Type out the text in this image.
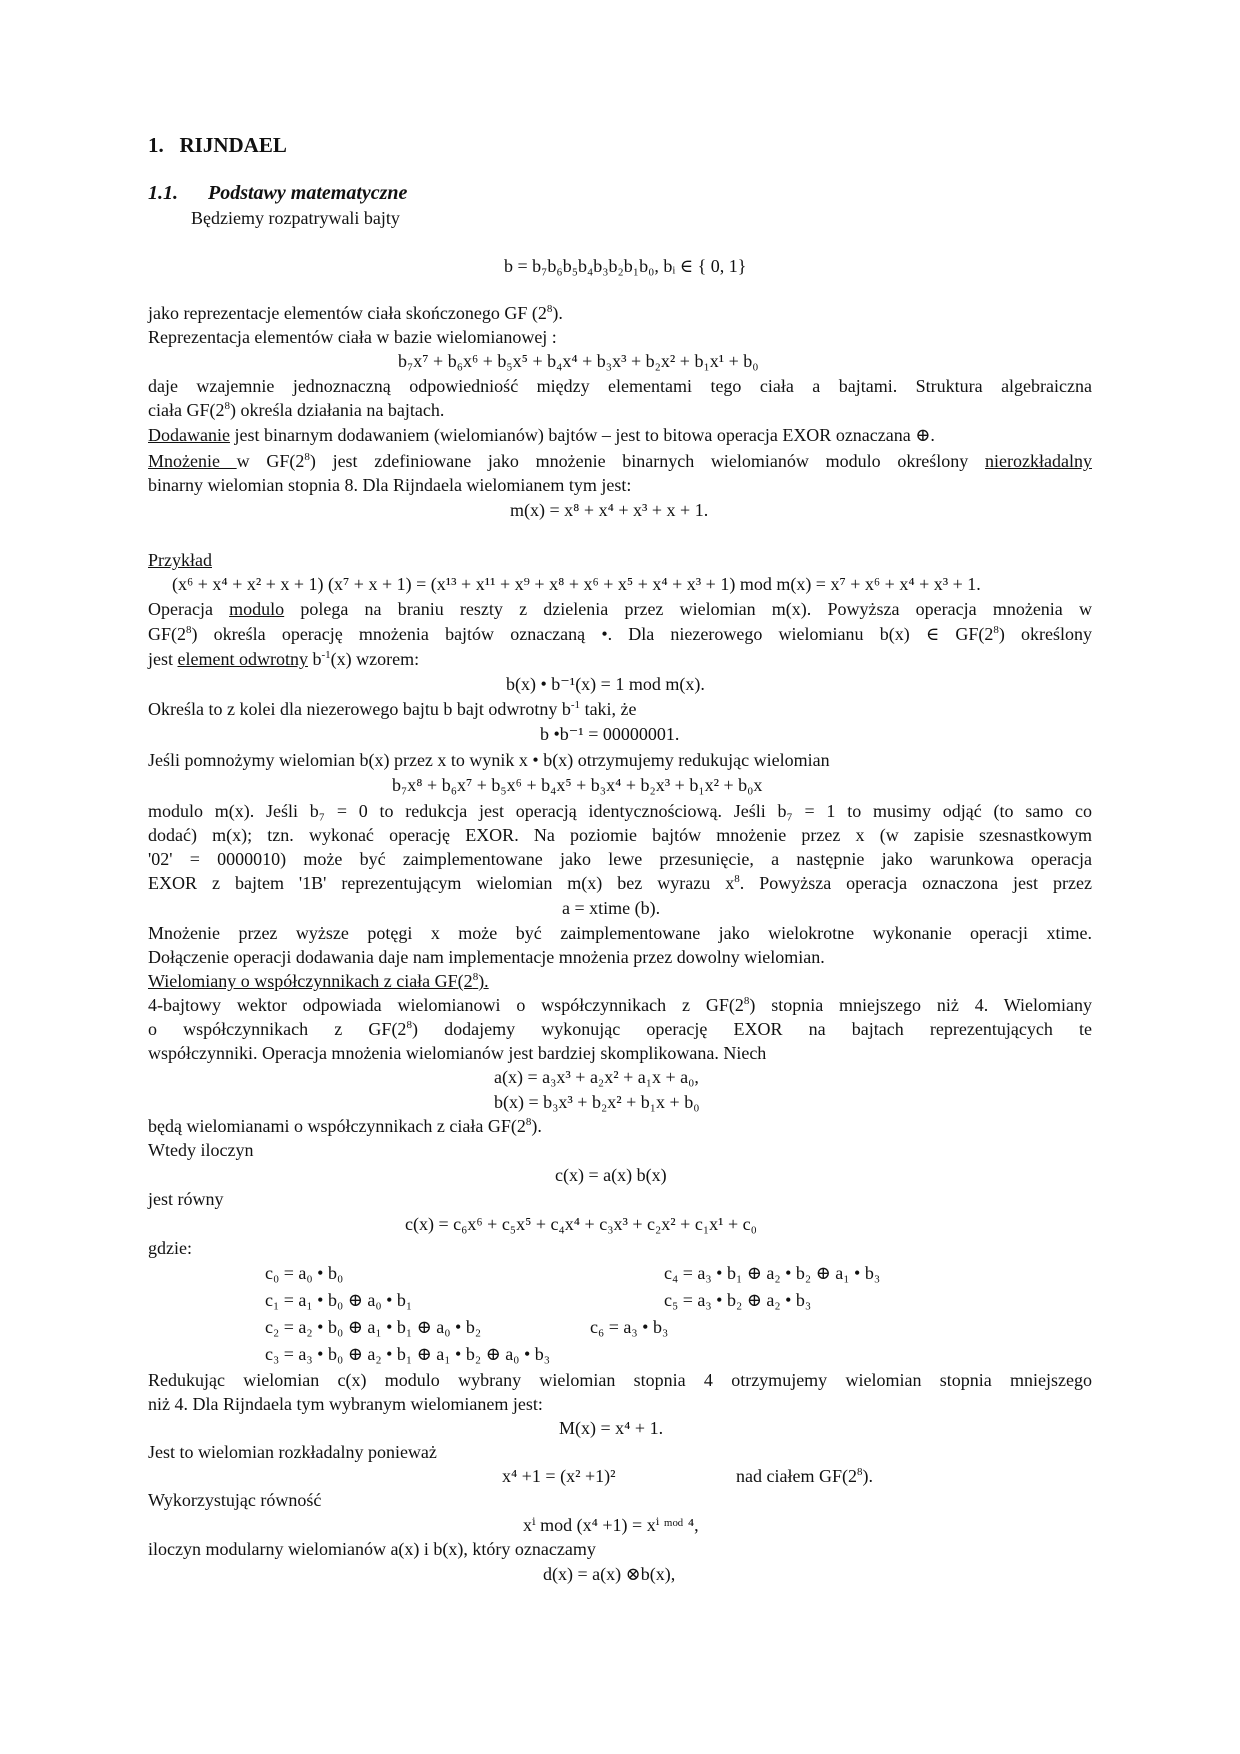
1. RIJNDAEL
1.1. Podstawy matematyczne
Będziemy rozpatrywali bajty
b = b₇b₆b₅b₄b₃b₂b₁b₀, bᵢ ∈ { 0, 1}
jako reprezentacje elementów ciała skończonego GF $(2^8)$.
Reprezentacja elementów ciała w bazie wielomianowej :
b₇x⁷ + b₆x⁶ + b₅x⁵ + b₄x⁴ + b₃x³ + b₂x² + b₁x¹ + b₀
daje wzajemnie jednoznaczną odpowiedniość między elementami tego ciała a bajtami. Struktura algebraiczna
ciała $GF(2^8)$ określa działania na bajtach.
Dodawanie jest binarnym dodawaniem (wielomianów) bajtów – jest to bitowa operacja EXOR oznaczana ⊕.
Mnożenie w $GF(2^8)$ jest zdefiniowane jako mnożenie binarnych wielomianów modulo określony nierozkładalny
binarny wielomian stopnia 8. Dla Rijndaela wielomianem tym jest:
m(x) = x⁸ + x⁴ + x³ + x + 1.
Przykład
(x⁶ + x⁴ + x² + x + 1) (x⁷ + x + 1) = (x¹³ + x¹¹ + x⁹ + x⁸ + x⁶ + x⁵ + x⁴ + x³ + 1) mod m(x) = x⁷ + x⁶ + x⁴ + x³ + 1.
Operacja modulo polega na braniu reszty z dzielenia przez wielomian m(x). Powyższa operacja mnożenia w
$GF(2^8)$ określa operację mnożenia bajtów oznaczaną •. Dla niezerowego wielomianu b(x) ∈ $GF(2^8)$ określony
jest element odwrotny $b^{-1}(x)$ wzorem:
b(x) • b⁻¹(x) = 1 mod m(x).
Określa to z kolei dla niezerowego bajtu b bajt odwrotny $b^{-1}$ taki, że
b •b⁻¹ = 00000001.
Jeśli pomnożymy wielomian b(x) przez x to wynik x • b(x) otrzymujemy redukując wielomian
b₇x⁸ + b₆x⁷ + b₅x⁶ + b₄x⁵ + b₃x⁴ + b₂x³ + b₁x² + b₀x
modulo m(x). Jeśli b₇ = 0 to redukcja jest operacją identycznościową. Jeśli b₇ = 1 to musimy odjąć (to samo co
dodać) m(x); tzn. wykonać operację EXOR. Na poziomie bajtów mnożenie przez x (w zapisie szesnastkowym
'02' = 0000010) może być zaimplementowane jako lewe przesunięcie, a następnie jako warunkowa operacja
EXOR z bajtem '1B' reprezentującym wielomian m(x) bez wyrazu $x^8$. Powyższa operacja oznaczona jest przez
a = xtime (b).
Mnożenie przez wyższe potęgi x może być zaimplementowane jako wielokrotne wykonanie operacji xtime.
Dołączenie operacji dodawania daje nam implementacje mnożenia przez dowolny wielomian.
Wielomiany o współczynnikach z ciała $GF(2^8)$.
4-bajtowy wektor odpowiada wielomianowi o współczynnikach z $GF(2^8)$ stopnia mniejszego niż 4. Wielomiany
o współczynnikach z $GF(2^8)$ dodajemy wykonując operację EXOR na bajtach reprezentujących te
współczynniki. Operacja mnożenia wielomianów jest bardziej skomplikowana. Niech
a(x) = a₃x³ + a₂x² + a₁x + a₀,
b(x) = b₃x³ + b₂x² + b₁x + b₀
będą wielomianami o współczynnikach z ciała $GF(2^8)$.
Wtedy iloczyn
c(x) = a(x) b(x)
jest równy
c(x) = c₆x⁶ + c₅x⁵ + c₄x⁴ + c₃x³ + c₂x² + c₁x¹ + c₀
gdzie:
c₀ = a₀ • b₀	c₄ = a₃ • b₁ ⊕ a₂ • b₂ ⊕ a₁ • b₃
c₁ = a₁ • b₀ ⊕ a₀ • b₁	c₅ = a₃ • b₂ ⊕ a₂ • b₃
c₂ = a₂ • b₀ ⊕ a₁ • b₁ ⊕ a₀ • b₂	c₆ = a₃ • b₃
c₃ = a₃ • b₀ ⊕ a₂ • b₁ ⊕ a₁ • b₂ ⊕ a₀ • b₃
Redukując wielomian c(x) modulo wybrany wielomian stopnia 4 otrzymujemy wielomian stopnia mniejszego
niż 4. Dla Rijndaela tym wybranym wielomianem jest:
M(x) = x⁴ + 1.
Jest to wielomian rozkładalny ponieważ
x⁴ +1 = (x² +1)²	nad ciałem $GF(2^8)$.
Wykorzystując równość
xⁱ mod (x⁴ +1) = xⁱ ᵐᵒᵈ ⁴,
iloczyn modularny wielomianów a(x) i b(x), który oznaczamy
d(x) = a(x) ⊗b(x),
